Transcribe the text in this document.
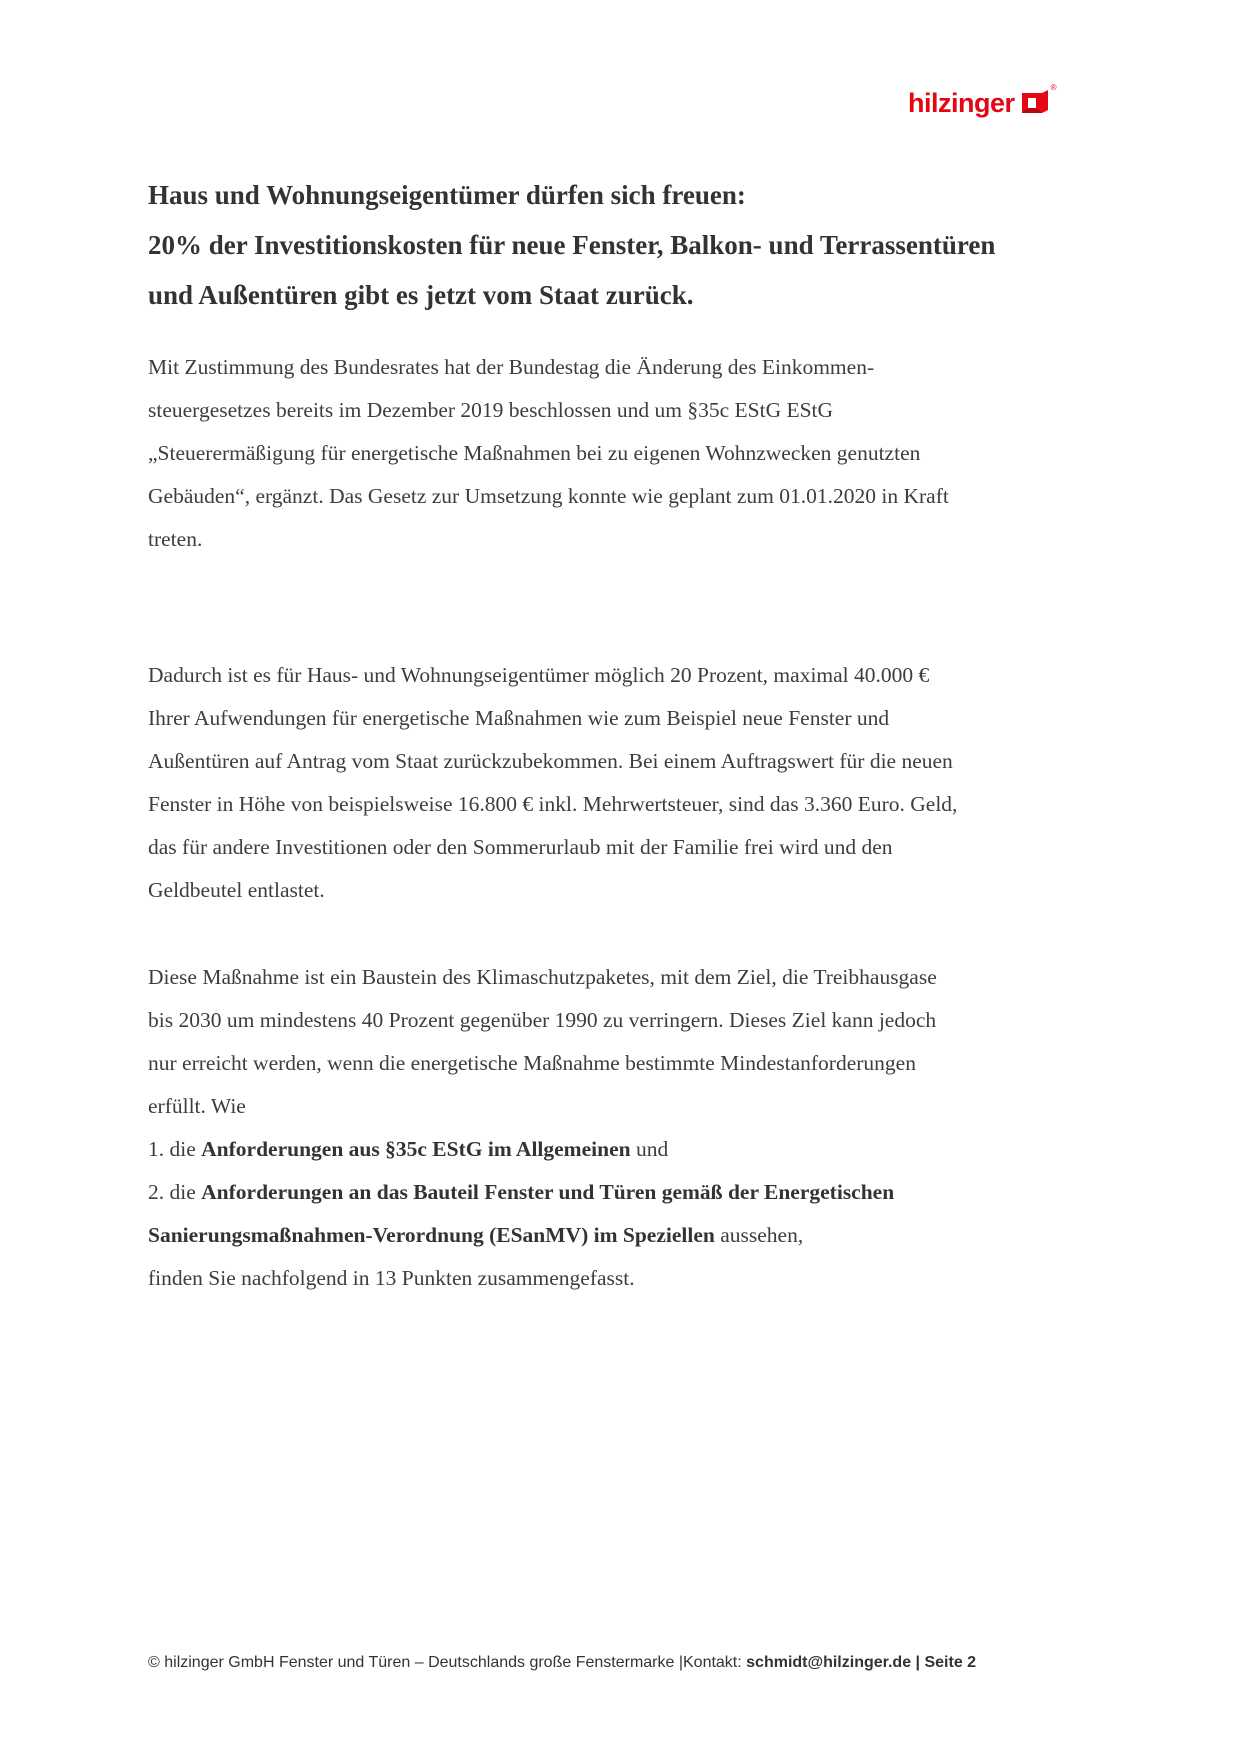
hilzinger
®
Haus und Wohnungseigentümer dürfen sich freuen:
20% der Investitionskosten für neue Fenster, Balkon- und Terrassentüren
und Außentüren gibt es jetzt vom Staat zurück.
Mit Zustimmung des Bundesrates hat der Bundestag die Änderung des Einkommen-
steuergesetzes bereits im Dezember 2019 beschlossen und um §35c EStG EStG
„Steuerermäßigung für energetische Maßnahmen bei zu eigenen Wohnzwecken genutzten
Gebäuden“, ergänzt. Das Gesetz zur Umsetzung konnte wie geplant zum 01.01.2020 in Kraft
treten.
Dadurch ist es für Haus- und Wohnungseigentümer möglich 20 Prozent, maximal 40.000 €
Ihrer Aufwendungen für energetische Maßnahmen wie zum Beispiel neue Fenster und
Außentüren auf Antrag vom Staat zurückzubekommen. Bei einem Auftragswert für die neuen
Fenster in Höhe von beispielsweise 16.800 € inkl. Mehrwertsteuer, sind das 3.360 Euro. Geld,
das für andere Investitionen oder den Sommerurlaub mit der Familie frei wird und den
Geldbeutel entlastet.
Diese Maßnahme ist ein Baustein des Klimaschutzpaketes, mit dem Ziel, die Treibhausgase
bis 2030 um mindestens 40 Prozent gegenüber 1990 zu verringern. Dieses Ziel kann jedoch
nur erreicht werden, wenn die energetische Maßnahme bestimmte Mindestanforderungen
erfüllt. Wie
1. die Anforderungen aus §35c EStG im Allgemeinen und
2. die Anforderungen an das Bauteil Fenster und Türen gemäß der Energetischen
Sanierungsmaßnahmen-Verordnung (ESanMV) im Speziellen aussehen,
finden Sie nachfolgend in 13 Punkten zusammengefasst.
© hilzinger GmbH Fenster und Türen – Deutschlands große Fenstermarke |Kontakt: schmidt@hilzinger.de | Seite 2
